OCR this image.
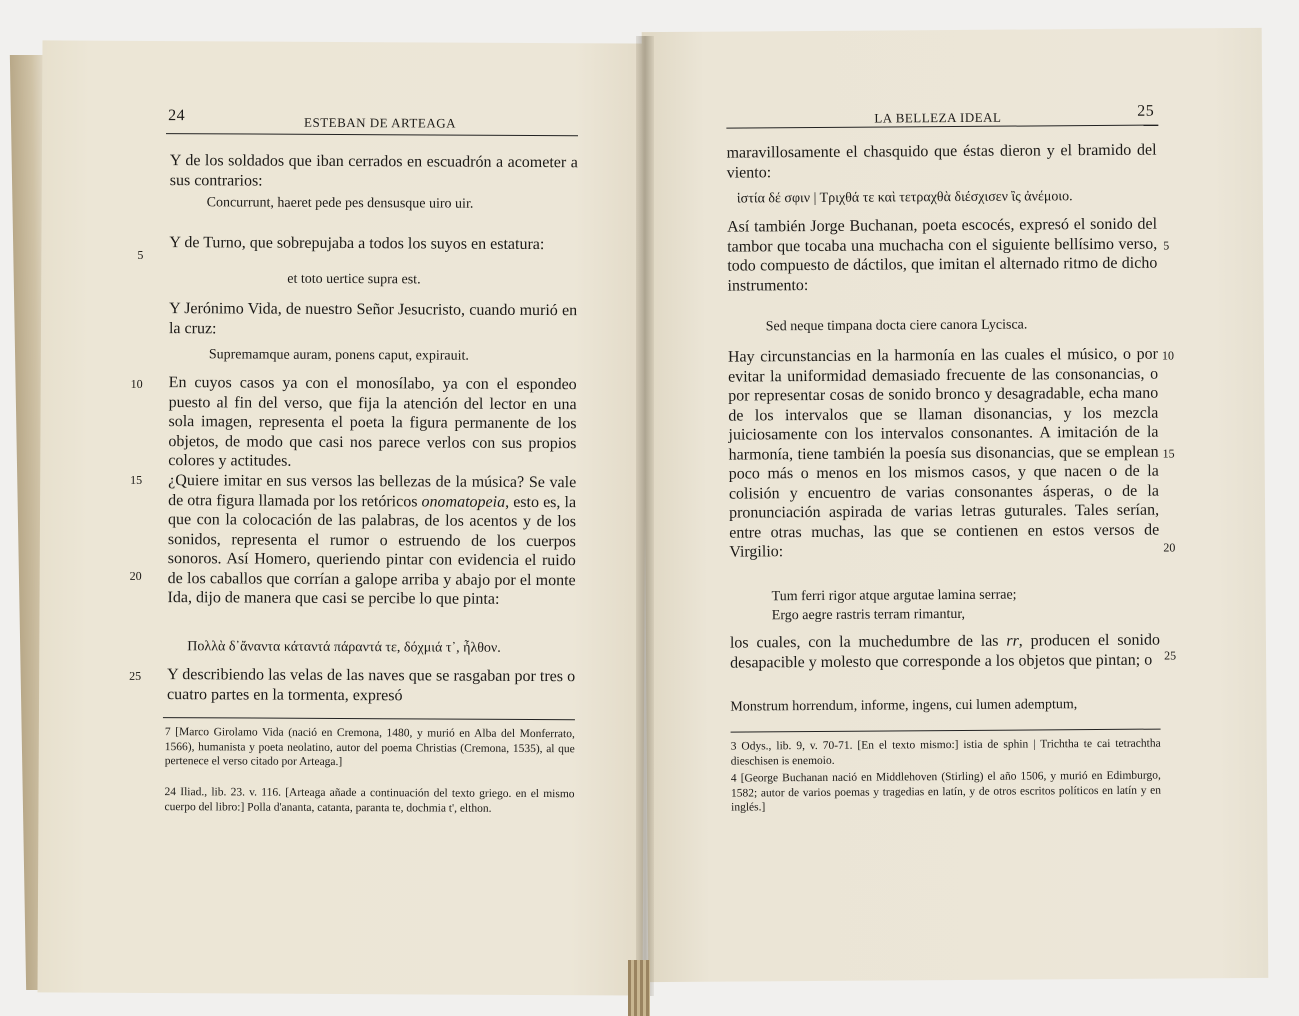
24	ESTEBAN DE ARTEAGA

Y de los soldados que iban cerrados en escuadrón a acometer a sus contrarios:

Concurrunt, haeret pede pes densusque uiro uir.

Y de Turno, que sobrepujaba a todos los suyos en estatura:

et toto uertice supra est.

Y Jerónimo Vida, de nuestro Señor Jesucristo, cuando murió en la cruz:

Supremamque auram, ponens caput, expirauit.

En cuyos casos ya con el monosílabo, ya con el espondeo puesto al fin del verso, que fija la atención del lector en una sola imagen, representa el poeta la figura permanente de los objetos, de modo que casi nos parece verlos con sus propios colores y actitudes.

¿Quiere imitar en sus versos las bellezas de la música? Se vale de otra figura llamada por los retóricos onomatopeia, esto es, la que con la colocación de las palabras, de los acentos y de los sonidos, representa el rumor o estruendo de los cuerpos sonoros. Así Homero, queriendo pintar con evidencia el ruido de los caballos que corrían a galope arriba y abajo por el monte Ida, dijo de manera que casi se percibe lo que pinta:

Πολλὰ δ᾽ἄναντα κάταντά πάραντά τε, δόχμιά τ᾽, ἦλθον.

Y describiendo las velas de las naves que se rasgaban por tres o cuatro partes en la tormenta, expresó

5
10
15
20
25

7 [Marco Girolamo Vida (nació en Cremona, 1480, y murió en Alba del Monferrato, 1566), humanista y poeta neolatino, autor del poema Christias (Cremona, 1535), al que pertenece el verso citado por Arteaga.]

24 Iliad., lib. 23. v. 116. [Arteaga añade a continuación del texto griego. en el mismo cuerpo del libro:] Polla d'ananta, catanta, paranta te, dochmia t', elthon.

LA BELLEZA IDEAL	25

maravillosamente el chasquido que éstas dieron y el bramido del viento:

ἱστία δέ σφιν | Τριχθά τε καὶ τετραχθὰ διέσχισεν ἲς ἀνέμοιο.

Así también Jorge Buchanan, poeta escocés, expresó el sonido del tambor que tocaba una muchacha con el siguiente bellísimo verso, todo compuesto de dáctilos, que imitan el alternado ritmo de dicho instrumento:

Sed neque timpana docta ciere canora Lycisca.

Hay circunstancias en la harmonía en las cuales el músico, o por evitar la uniformidad demasiado frecuente de las consonancias, o por representar cosas de sonido bronco y desagradable, echa mano de los intervalos que se llaman disonancias, y los mezcla juiciosamente con los intervalos consonantes. A imitación de la harmonía, tiene también la poesía sus disonancias, que se emplean poco más o menos en los mismos casos, y que nacen o de la colisión y encuentro de varias consonantes ásperas, o de la pronunciación aspirada de varias letras guturales. Tales serían, entre otras muchas, las que se contienen en estos versos de Virgilio:

Tum ferri rigor atque argutae lamina serrae;

Ergo aegre rastris terram rimantur,

los cuales, con la muchedumbre de las rr, producen el sonido desapacible y molesto que corresponde a los objetos que pintan; o

Monstrum horrendum, informe, ingens, cui lumen ademptum,

5
10
15
20
25

3 Odys., lib. 9, v. 70-71. [En el texto mismo:] istia de sphin | Trichtha te cai tetrachtha dieschisen is enemoio.

4 [George Buchanan nació en Middlehoven (Stirling) el año 1506, y murió en Edimburgo, 1582; autor de varios poemas y tragedias en latín, y de otros escritos políticos en latín y en inglés.]
